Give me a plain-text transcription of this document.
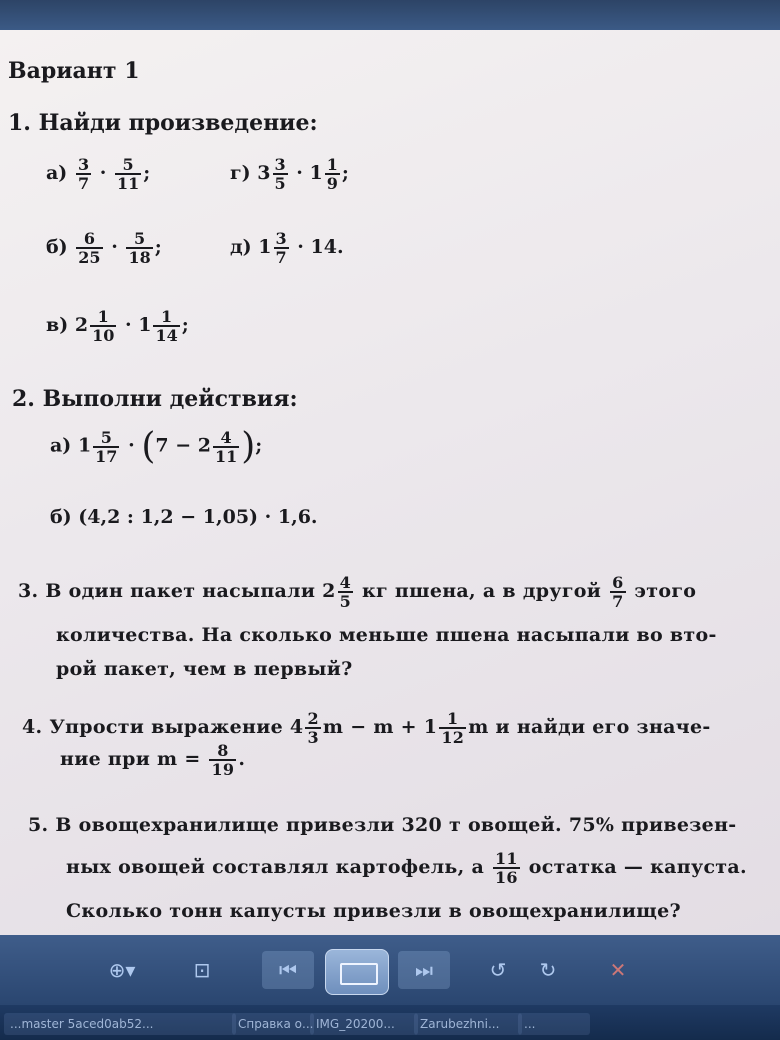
Вариант 1
1. Найди произведение:
$а) \frac{3}{7} \cdot \frac{5}{11}$ ;	г) $3 \frac{3}{5} \cdot 1 \frac{1}{9}$ ;
$б) \frac{6}{25} \cdot \frac{5}{18}$ ;	д) $1 \frac{3}{7} \cdot 14$.
в) $2 \frac{1}{10} \cdot 1 \frac{1}{14}$ ;
2. Выполни действия:
а) $1 \frac{5}{17} \cdot (7 - 2 \frac{4}{11}$ );
б) (4,2 : 1,2 − 1,05) · 1,6.
3. В один пакет насыпали $2 \frac{4}{5}$ кг пшена, а в другой $\frac{6}{7}$ этого
количества. На сколько меньше пшена насыпали во вто-
рой пакет, чем в первый?
4. Упрости выражение $4 \frac{2}{3}$ $m - m + 1 \frac{1}{12}$ m и найди его значе-
ние при $m = \frac{8}{19}$ .
5. В овощехранилище привезли 320 т овощей. 75% привезен-
ных овощей составлял картофель, а $\frac{11}{16}$ остатка — капуста.
Сколько тонн капусты привезли в овощехранилище?
⊕▾	⊡	⏮	⏭	↺	↻	✕
...master 5aced0ab52...	Справка о... IMG_20200...	Zarubezhni...	...
